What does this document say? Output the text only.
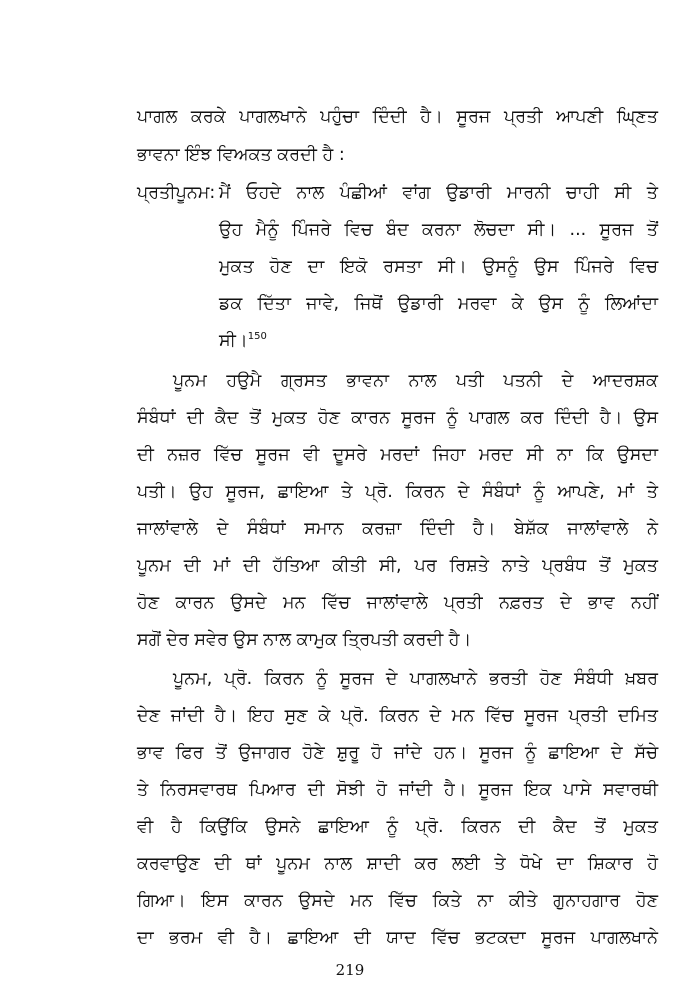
ਪਾਗਲ ਕਰਕੇ ਪਾਗਲਖਾਨੇ ਪਹੁੰਚਾ ਦਿੰਦੀ ਹੈ। ਸੂਰਜ ਪ੍ਰਤੀ ਆਪਣੀ ਘਿ੍ਣਤ
ਭਾਵਨਾ ਇੰਝ ਵਿਅਕਤ ਕਰਦੀ ਹੈ :
ਪ੍ਰਤੀਪੂਨਮ: ਮੈਂ ਓਹਦੇ ਨਾਲ ਪੰਛੀਆਂ ਵਾਂਗ ਉਡਾਰੀ ਮਾਰਨੀ ਚਾਹੀ ਸੀ ਤੇ
ਉਹ ਮੈਨੂੰ ਪਿੰਜਰੇ ਵਿਚ ਬੰਦ ਕਰਨਾ ਲੋਚਦਾ ਸੀ। ... ਸੂਰਜ ਤੋਂ
ਮੁਕਤ ਹੋਣ ਦਾ ਇਕੋ ਰਸਤਾ ਸੀ। ਉਸਨੂੰ ਉਸ ਪਿੰਜਰੇ ਵਿਚ
ਡਕ ਦਿੱਤਾ ਜਾਵੇ, ਜਿਥੋਂ ਉਡਾਰੀ ਮਰਵਾ ਕੇ ਉਸ ਨੂੰ ਲਿਆਂਦਾ
ਸੀ।$^{150}$
ਪੂਨਮ ਹਉਮੈ ਗ੍ਰਸਤ ਭਾਵਨਾ ਨਾਲ ਪਤੀ ਪਤਨੀ ਦੇ ਆਦਰਸ਼ਕ
ਸੰਬੰਧਾਂ ਦੀ ਕੈਦ ਤੋਂ ਮੁਕਤ ਹੋਣ ਕਾਰਨ ਸੂਰਜ ਨੂੰ ਪਾਗਲ ਕਰ ਦਿੰਦੀ ਹੈ। ਉਸ
ਦੀ ਨਜ਼ਰ ਵਿੱਚ ਸੂਰਜ ਵੀ ਦੂਸਰੇ ਮਰਦਾਂ ਜਿਹਾ ਮਰਦ ਸੀ ਨਾ ਕਿ ਉਸਦਾ
ਪਤੀ। ਉਹ ਸੂਰਜ, ਛਾਇਆ ਤੇ ਪ੍ਰੋ. ਕਿਰਨ ਦੇ ਸੰਬੰਧਾਂ ਨੂੰ ਆਪਣੇ, ਮਾਂ ਤੇ
ਜਾਲਾਂਵਾਲੇ ਦੇ ਸੰਬੰਧਾਂ ਸਮਾਨ ਕਰਜ਼ਾ ਦਿੰਦੀ ਹੈ। ਬੇਸ਼ੱਕ ਜਾਲਾਂਵਾਲੇ ਨੇ
ਪੂਨਮ ਦੀ ਮਾਂ ਦੀ ਹੱਤਿਆ ਕੀਤੀ ਸੀ, ਪਰ ਰਿਸ਼ਤੇ ਨਾਤੇ ਪ੍ਰਬੰਧ ਤੋਂ ਮੁਕਤ
ਹੋਣ ਕਾਰਨ ਉਸਦੇ ਮਨ ਵਿੱਚ ਜਾਲਾਂਵਾਲੇ ਪ੍ਰਤੀ ਨਫ਼ਰਤ ਦੇ ਭਾਵ ਨਹੀਂ
ਸਗੋਂ ਦੇਰ ਸਵੇਰ ਉਸ ਨਾਲ ਕਾਮੁਕ ਤ੍ਰਿਪਤੀ ਕਰਦੀ ਹੈ।
ਪੂਨਮ, ਪ੍ਰੋ. ਕਿਰਨ ਨੂੰ ਸੂਰਜ ਦੇ ਪਾਗਲਖਾਨੇ ਭਰਤੀ ਹੋਣ ਸੰਬੰਧੀ ਖ਼ਬਰ
ਦੇਣ ਜਾਂਦੀ ਹੈ। ਇਹ ਸੁਣ ਕੇ ਪ੍ਰੋ. ਕਿਰਨ ਦੇ ਮਨ ਵਿੱਚ ਸੂਰਜ ਪ੍ਰਤੀ ਦਮਿਤ
ਭਾਵ ਫਿਰ ਤੋਂ ਉਜਾਗਰ ਹੋਣੇ ਸ਼ੁਰੂ ਹੋ ਜਾਂਦੇ ਹਨ। ਸੂਰਜ ਨੂੰ ਛਾਇਆ ਦੇ ਸੱਚੇ
ਤੇ ਨਿਰਸਵਾਰਥ ਪਿਆਰ ਦੀ ਸੋਝੀ ਹੋ ਜਾਂਦੀ ਹੈ। ਸੂਰਜ ਇਕ ਪਾਸੇ ਸਵਾਰਥੀ
ਵੀ ਹੈ ਕਿਉਂਕਿ ਉਸਨੇ ਛਾਇਆ ਨੂੰ ਪ੍ਰੋ. ਕਿਰਨ ਦੀ ਕੈਦ ਤੋਂ ਮੁਕਤ
ਕਰਵਾਉਣ ਦੀ ਥਾਂ ਪੂਨਮ ਨਾਲ ਸ਼ਾਦੀ ਕਰ ਲਈ ਤੇ ਧੋਖੇ ਦਾ ਸ਼ਿਕਾਰ ਹੋ
ਗਿਆ। ਇਸ ਕਾਰਨ ਉਸਦੇ ਮਨ ਵਿੱਚ ਕਿਤੇ ਨਾ ਕੀਤੇ ਗੁਨਾਹਗਾਰ ਹੋਣ
ਦਾ ਭਰਮ ਵੀ ਹੈ। ਛਾਇਆ ਦੀ ਯਾਦ ਵਿੱਚ ਭਟਕਦਾ ਸੂਰਜ ਪਾਗਲਖਾਨੇ
219
